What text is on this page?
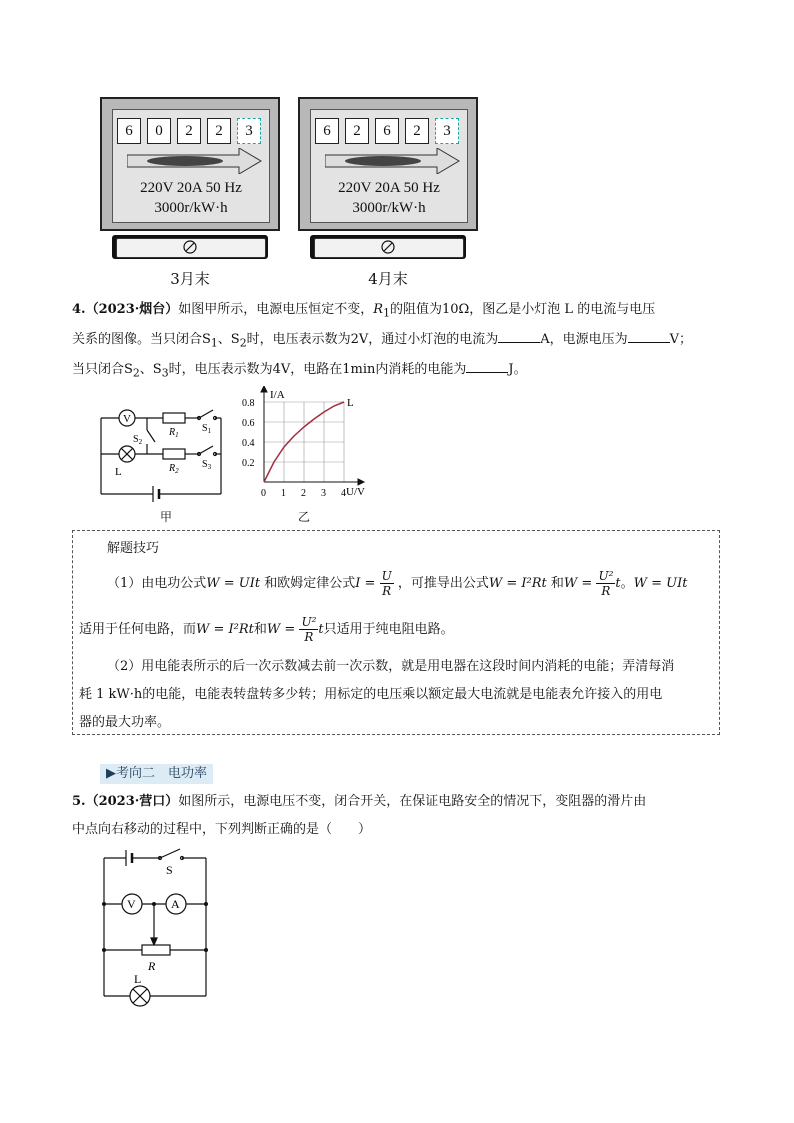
6	0	2	2	3
220V 20A 50 Hz
3000r/kW·h
3月末
6	2	6	2	3
220V 20A 50 Hz
3000r/kW·h
4月末
4.（2023·烟台）如图甲所示，电源电压恒定不变，$R_1$的阻值为10Ω，图乙是小灯泡 L 的电流与电压
关系的图像。当只闭合$S_1$、$S_2$时，电压表示数为2V，通过小灯泡的电流为	A，电源电压为	V；
当只闭合$S_2$、$S_3$时，电压表示数为4V，电路在1min内消耗的电能为	J。
V
L
$R_1$
$R_2$
$S_1$
$S_2$
$S_3$
甲
0 1 2 3 4
0.2
0.4
0.6
0.8	L
I/A
U/V
乙

解题技巧

（1）由电功公式W = UIt 和欧姆定律公式$I = \frac{U}{R}$ ，可推导出公式W = I²Rt 和$W = \frac{\text{U²}}{R}$ t。W = UIt

适用于任何电路，而W = I²Rt和$W = \frac{\text{U²}}{R}$ t只适用于纯电阻电路。

（2）用电能表所示的后一次示数减去前一次示数，就是用电器在这段时间内消耗的电能；弄清每消

耗 1 kW·h的电能，电能表转盘转多少转；用标定的电压乘以额定最大电流就是电能表允许接入的用电

器的最大功率。

▶考向二　电功率
5.（2023·营口）如图所示，电源电压不变，闭合开关，在保证电路安全的情况下，变阻器的滑片由
中点向右移动的过程中，下列判断正确的是（　　）
S
V	A
R
L
